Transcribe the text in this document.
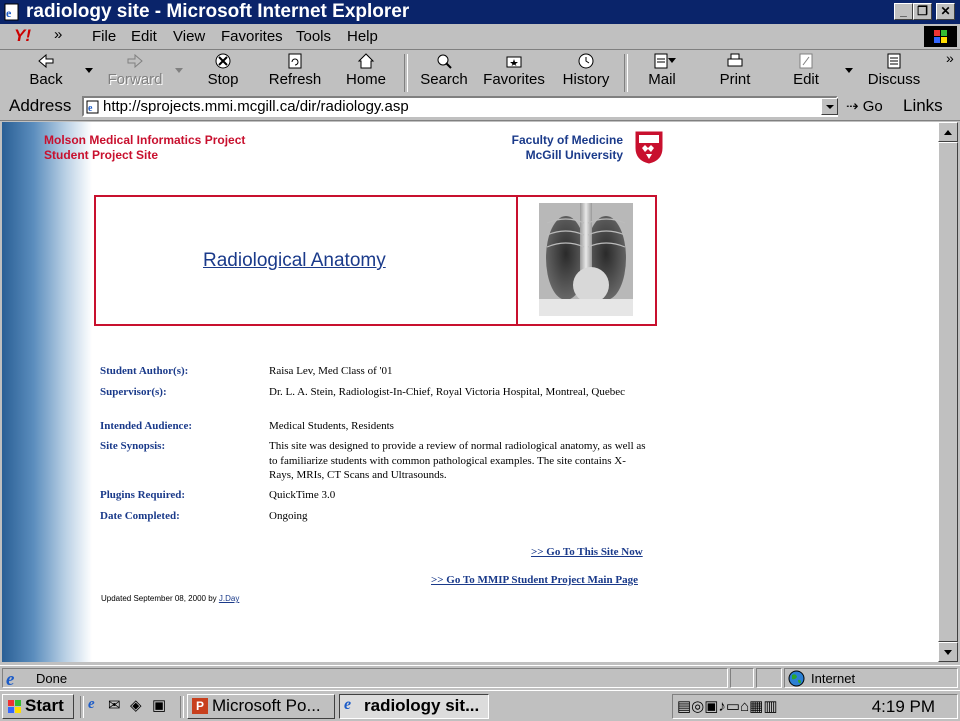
e radiology site - Microsoft Internet Explorer	_ ❐	✕
Y! » File Edit View Favorites Tools Help
Back	Forward	Stop	Refresh Home Search Favorites History	Mail	Print	Edit	Discuss
»
Address e http://sprojects.mmi.mcgill.ca/dir/radiology.asp	⇢ Go Links
Molson Medical Informatics Project
Student Project Site
Faculty of Medicine
McGill University
Radiological Anatomy
Student Author(s):	Raisa Lev, Med Class of '01
Supervisor(s):	Dr. L. A. Stein, Radiologist-In-Chief, Royal Victoria Hospital, Montreal, Quebec
Intended Audience:	Medical Students, Residents
Site Synopsis:	This site was designed to provide a review of normal radiological anatomy, as well as to familiarize students with common pathological examples. The site contains X-Rays, MRIs, CT Scans and Ultrasounds.
Plugins Required:	QuickTime 3.0
Date Completed:	Ongoing
>> Go To This Site Now
>> Go To MMIP Student Project Main Page
Updated September 08, 2000 by J.Day
e Done	Internet
Start e ✉ ◈ ▣	P Microsoft Po... e radiology sit...	▤◎▣♪▭⌂▦▥	4:19 PM
